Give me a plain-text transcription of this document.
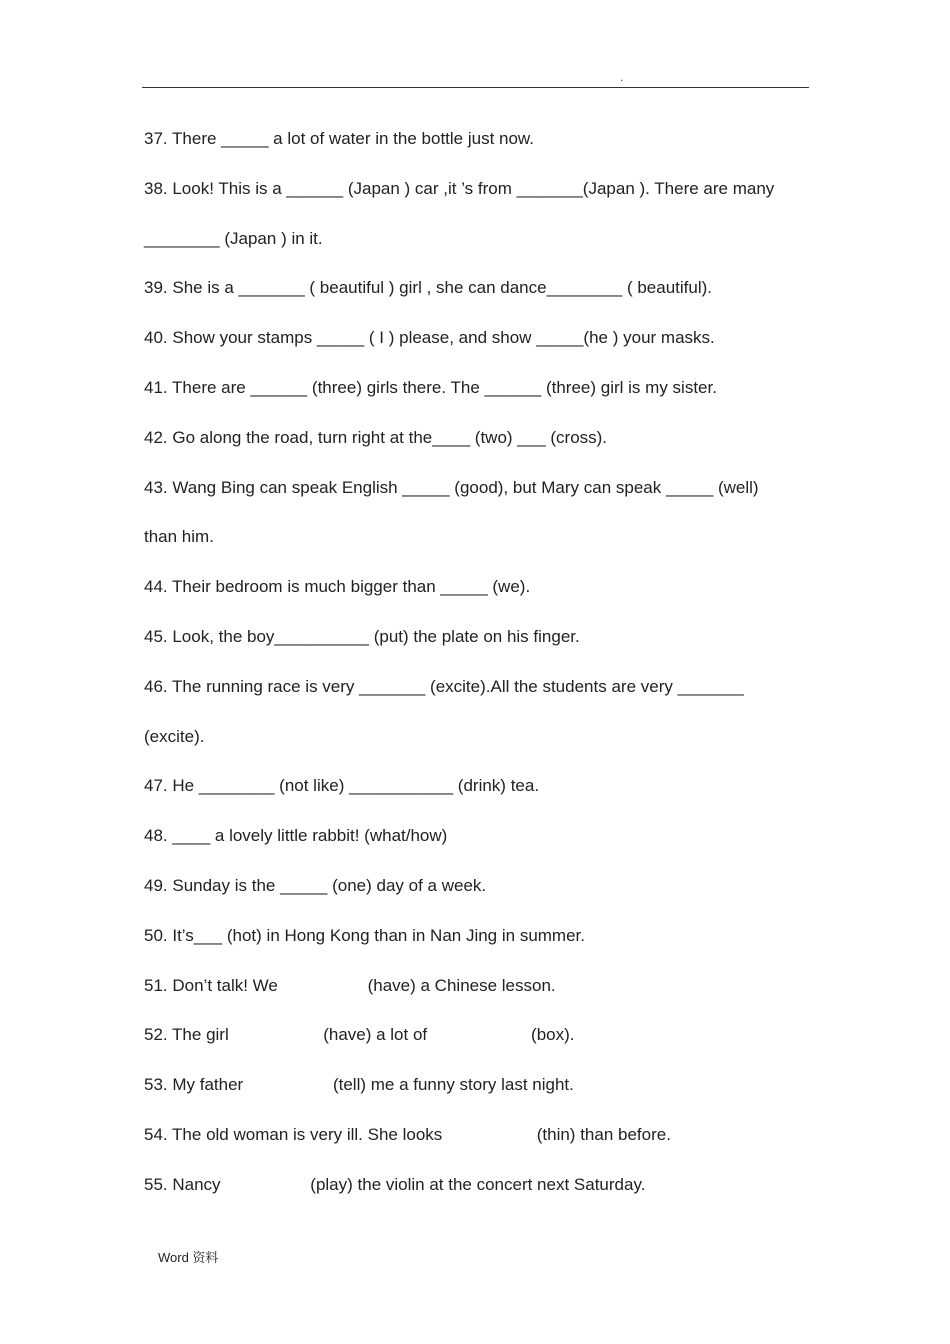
.
37. There _____ a lot of water in the bottle just now.
38. Look! This is a ______ (Japan ) car ,it ’s from _______(Japan ). There are many
________ (Japan ) in it.
39. She is a _______ ( beautiful ) girl , she can dance________ ( beautiful).
40. Show your stamps _____ ( I ) please, and show _____(he ) your masks.
41. There are ______ (three) girls there. The ______ (three) girl is my sister.
42. Go along the road, turn right at the____ (two) ___ (cross).
43. Wang Bing can speak English _____ (good), but Mary can speak _____ (well)
than him.
44. Their bedroom is much bigger than _____ (we).
45. Look, the boy__________ (put) the plate on his finger.
46. The running race is very _______ (excite).All the students are very _______
(excite).
47. He ________ (not like) ___________ (drink) tea.
48. ____ a lovely little rabbit! (what/how)
49. Sunday is the _____ (one) day of a week.
50. It’s___ (hot) in Hong Kong than in Nan Jing in summer.
51. Don’t talk! We                   (have) a Chinese lesson.
52. The girl                    (have) a lot of                      (box).
53. My father                   (tell) me a funny story last night.
54. The old woman is very ill. She looks                    (thin) than before.
55. Nancy                   (play) the violin at the concert next Saturday.
Word 资料
